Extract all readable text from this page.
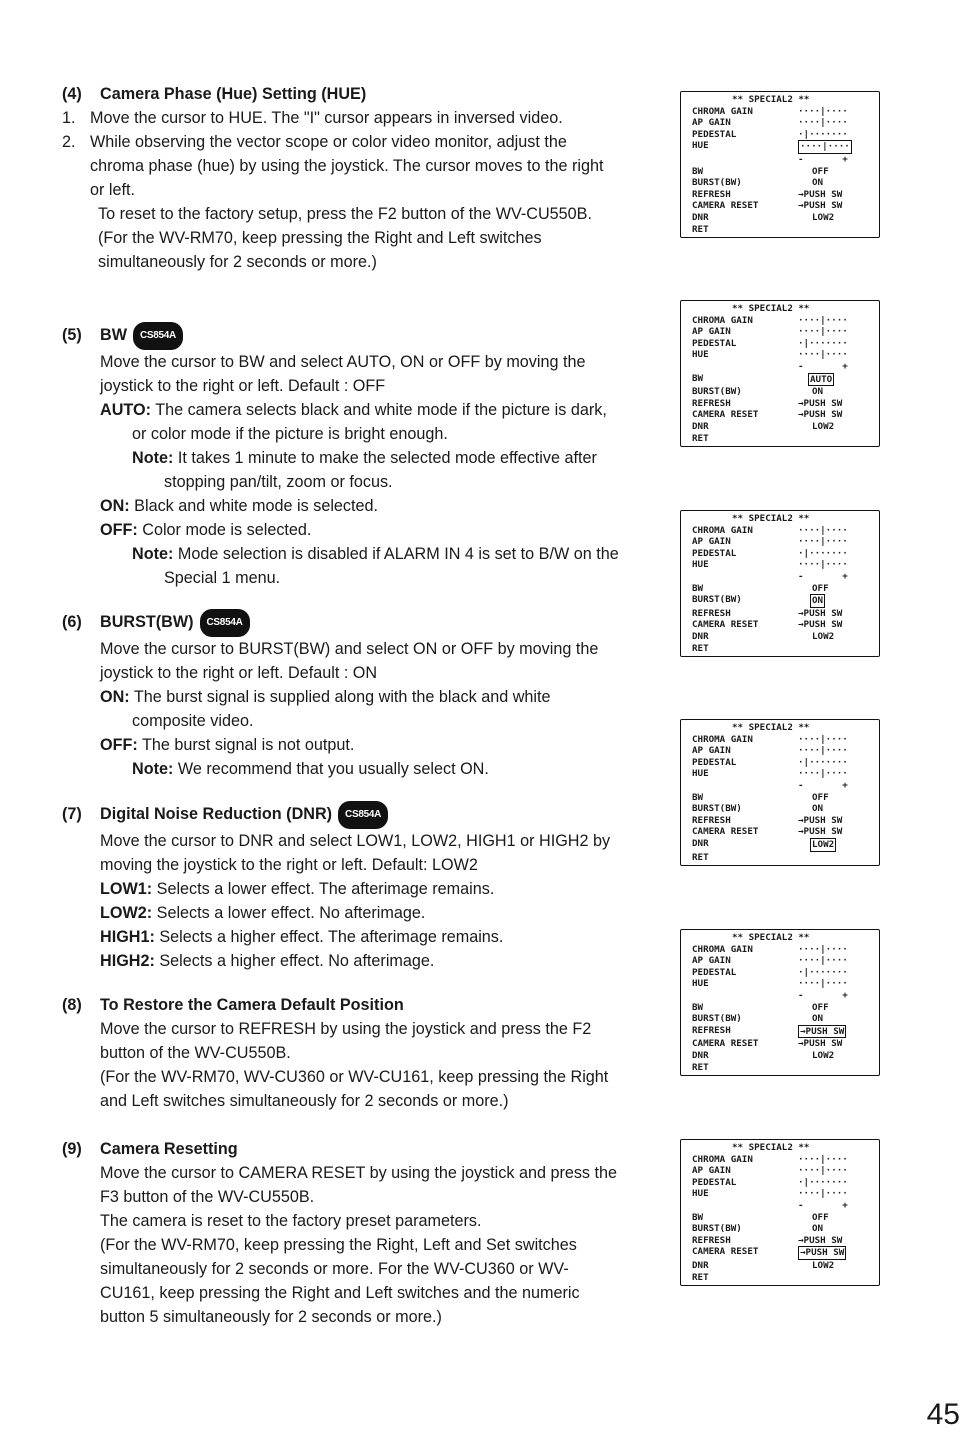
(4) Camera Phase (Hue) Setting (HUE)

1. Move the cursor to HUE. The "I" cursor appears in inversed video.

2. While observing the vector scope or color video monitor, adjust the chroma phase (hue) by using the joystick. The cursor moves to the right or left.

To reset to the factory setup, press the F2 button of the WV-CU550B.

(For the WV-RM70, keep pressing the Right and Left switches simultaneously for 2 seconds or more.)

(5) BW CS854A

Move the cursor to BW and select AUTO, ON or OFF by moving the joystick to the right or left. Default : OFF

AUTO: The camera selects black and white mode if the picture is dark, or color mode if the picture is bright enough.

Note: It takes 1 minute to make the selected mode effective after stopping pan/tilt, zoom or focus.

ON: Black and white mode is selected.

OFF: Color mode is selected.

Note: Mode selection is disabled if ALARM IN 4 is set to B/W on the Special 1 menu.

(6) BURST(BW) CS854A

Move the cursor to BURST(BW) and select ON or OFF by moving the joystick to the right or left. Default : ON

ON: The burst signal is supplied along with the black and white composite video.

OFF: The burst signal is not output.

Note: We recommend that you usually select ON.

(7) Digital Noise Reduction (DNR) CS854A

Move the cursor to DNR and select LOW1, LOW2, HIGH1 or HIGH2 by moving the joystick to the right or left. Default: LOW2

LOW1: Selects a lower effect. The afterimage remains.

LOW2: Selects a lower effect. No afterimage.

HIGH1: Selects a higher effect. The afterimage remains.

HIGH2: Selects a higher effect. No afterimage.

(8) To Restore the Camera Default Position

Move the cursor to REFRESH by using the joystick and press the F2 button of the WV-CU550B.

(For the WV-RM70, WV-CU360 or WV-CU161, keep pressing the Right and Left switches simultaneously for 2 seconds or more.)

(9) Camera Resetting

Move the cursor to CAMERA RESET by using the joystick and press the F3 button of the WV-CU550B.

The camera is reset to the factory preset parameters.

(For the WV-RM70, keep pressing the Right, Left and Set switches simultaneously for 2 seconds or more. For the WV-CU360 or WV-CU161, keep pressing the Right and Left switches and the numeric button 5 simultaneously for 2 seconds or more.)

** SPECIAL2 **
CHROMA GAIN	····|····
AP GAIN	····|····
PEDESTAL	·|·······
HUE	····|····
-       +
BW	OFF
BURST(BW)	ON
REFRESH	→PUSH SW
CAMERA RESET	→PUSH SW
DNR	LOW2
RET
** SPECIAL2 **
CHROMA GAIN	····|····
AP GAIN	····|····
PEDESTAL	·|·······
HUE	····|····
-       +
BW	AUTO
BURST(BW)	ON
REFRESH	→PUSH SW
CAMERA RESET	→PUSH SW
DNR	LOW2
RET
** SPECIAL2 **
CHROMA GAIN	····|····
AP GAIN	····|····
PEDESTAL	·|·······
HUE	····|····
-       +
BW	OFF
BURST(BW)	ON
REFRESH	→PUSH SW
CAMERA RESET	→PUSH SW
DNR	LOW2
RET
** SPECIAL2 **
CHROMA GAIN	····|····
AP GAIN	····|····
PEDESTAL	·|·······
HUE	····|····
-       +
BW	OFF
BURST(BW)	ON
REFRESH	→PUSH SW
CAMERA RESET	→PUSH SW
DNR	LOW2
RET
** SPECIAL2 **
CHROMA GAIN	····|····
AP GAIN	····|····
PEDESTAL	·|·······
HUE	····|····
-       +
BW	OFF
BURST(BW)	ON
REFRESH	→PUSH SW
CAMERA RESET	→PUSH SW
DNR	LOW2
RET
** SPECIAL2 **
CHROMA GAIN	····|····
AP GAIN	····|····
PEDESTAL	·|·······
HUE	····|····
-       +
BW	OFF
BURST(BW)	ON
REFRESH	→PUSH SW
CAMERA RESET	→PUSH SW
DNR	LOW2
RET
45
